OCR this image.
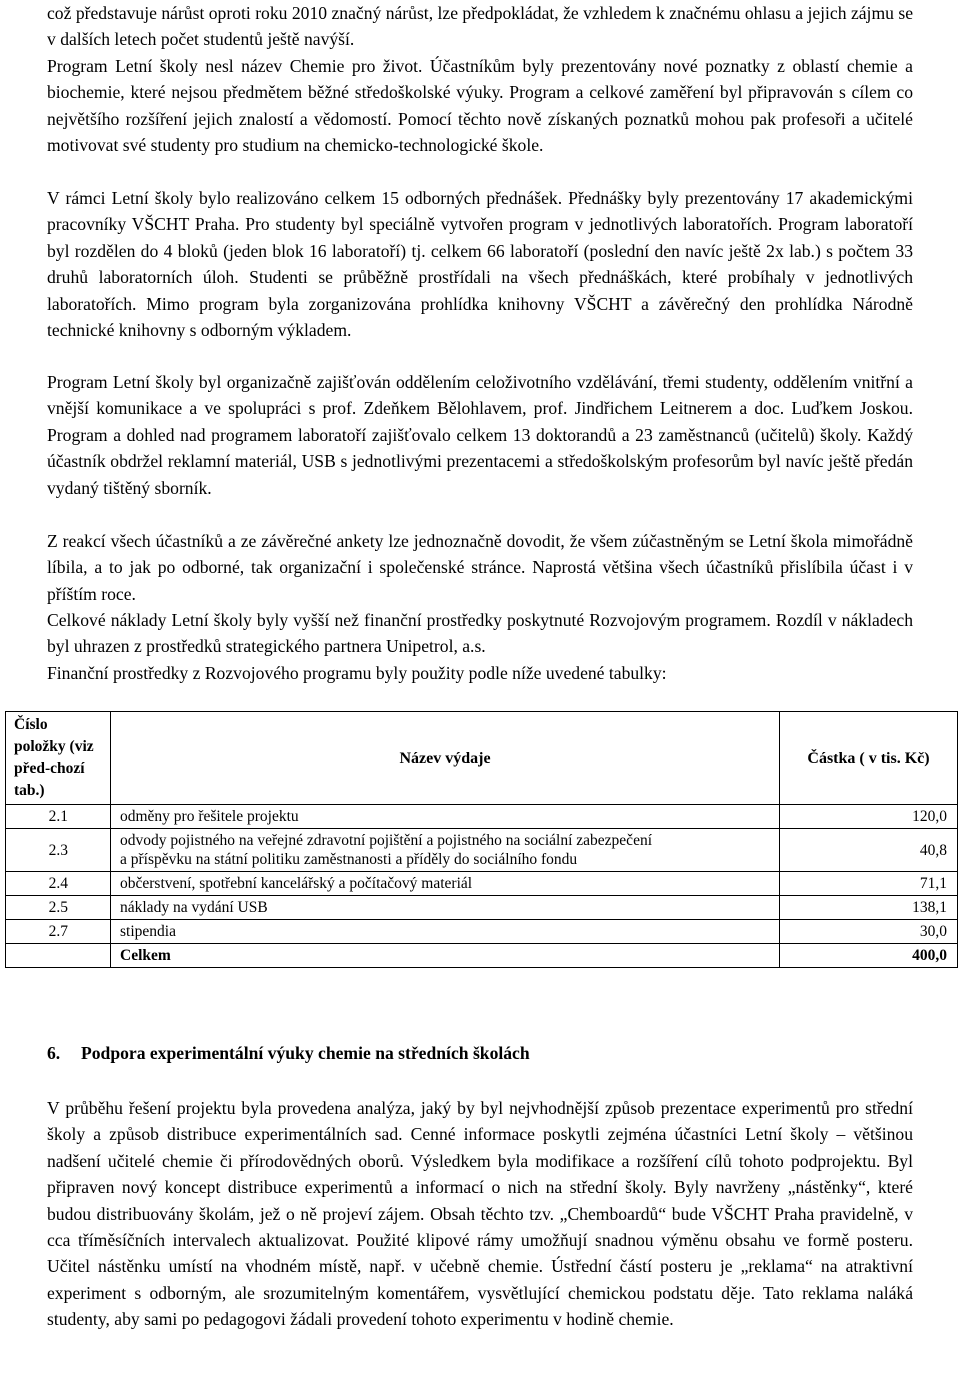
což představuje nárůst oproti roku 2010 značný nárůst, lze předpokládat, že vzhledem k značnému ohlasu a jejich zájmu se v dalších letech počet studentů ještě navýší.

Program Letní školy nesl název Chemie pro život. Účastníkům byly prezentovány nové poznatky z oblastí chemie a biochemie, které nejsou předmětem běžné středoškolské výuky. Program a celkové zaměření byl připravován s cílem co největšího rozšíření jejich znalostí a vědomostí. Pomocí těchto nově získaných poznatků mohou pak profesoři a učitelé motivovat své studenty pro studium na chemicko-technologické škole.

V rámci Letní školy bylo realizováno celkem 15 odborných přednášek. Přednášky byly prezentovány 17 akademickými pracovníky VŠCHT Praha. Pro studenty byl speciálně vytvořen program v jednotlivých laboratořích. Program laboratoří byl rozdělen do 4 bloků (jeden blok 16 laboratoří) tj. celkem 66 laboratoří (poslední den navíc ještě 2x lab.) s počtem 33 druhů laboratorních úloh. Studenti se průběžně prostřídali na všech přednáškách, které probíhaly v jednotlivých laboratořích. Mimo program byla zorganizována prohlídka knihovny VŠCHT a závěrečný den prohlídka Národně technické knihovny s odborným výkladem.

Program Letní školy byl organizačně zajišťován oddělením celoživotního vzdělávání, třemi studenty, oddělením vnitřní a vnější komunikace a ve spolupráci s prof. Zdeňkem Bělohlavem, prof. Jindřichem Leitnerem a doc. Luďkem Joskou. Program a dohled nad programem laboratoří zajišťovalo celkem 13 doktorandů a 23 zaměstnanců (učitelů) školy. Každý účastník obdržel reklamní materiál, USB s jednotlivými prezentacemi a středoškolským profesorům byl navíc ještě předán vydaný tištěný sborník.

Z reakcí všech účastníků a ze závěrečné ankety lze jednoznačně dovodit, že všem zúčastněným se Letní škola mimořádně líbila, a to jak po odborné, tak organizační i společenské stránce. Naprostá většina všech účastníků přislíbila účast i v příštím roce.

Celkové náklady Letní školy byly vyšší než finanční prostředky poskytnuté Rozvojovým programem. Rozdíl v nákladech byl uhrazen z prostředků strategického partnera Unipetrol, a.s.

Finanční prostředky z Rozvojového programu byly použity podle níže uvedené tabulky:

Číslo položky (viz před-chozí tab.)	Název výdaje	Částka ( v tis. Kč)
2.1	odměny pro řešitele projektu	120,0
2.3	odvody pojistného na veřejné zdravotní pojištění a pojistného na sociální zabezpečení
a příspěvku na státní politiku zaměstnanosti a příděly do sociálního fondu	40,8
2.4	občerstvení, spotřební kancelářský a počítačový materiál	71,1
2.5	náklady na vydání USB	138,1
2.7	stipendia	30,0
	Celkem	400,0
6. Podpora experimentální výuky chemie na středních školách

V průběhu řešení projektu byla provedena analýza, jaký by byl nejvhodnější způsob prezentace experimentů pro střední školy a způsob distribuce experimentálních sad. Cenné informace poskytli zejména účastníci Letní školy – většinou nadšení učitelé chemie či přírodovědných oborů. Výsledkem byla modifikace a rozšíření cílů tohoto podprojektu. Byl připraven nový koncept distribuce experimentů a informací o nich na střední školy. Byly navrženy „nástěnky“, které budou distribuovány školám, jež o ně projeví zájem. Obsah těchto tzv. „Chemboardů“ bude VŠCHT Praha pravidelně, v cca tříměsíčních intervalech aktualizovat. Použité klipové rámy umožňují snadnou výměnu obsahu ve formě posteru. Učitel nástěnku umístí na vhodném místě, např. v učebně chemie. Ústřední částí posteru je „reklama“ na atraktivní experiment s odborným, ale srozumitelným komentářem, vysvětlující chemickou podstatu děje. Tato reklama naláká studenty, aby sami po pedagogovi žádali provedení tohoto experimentu v hodině chemie.
